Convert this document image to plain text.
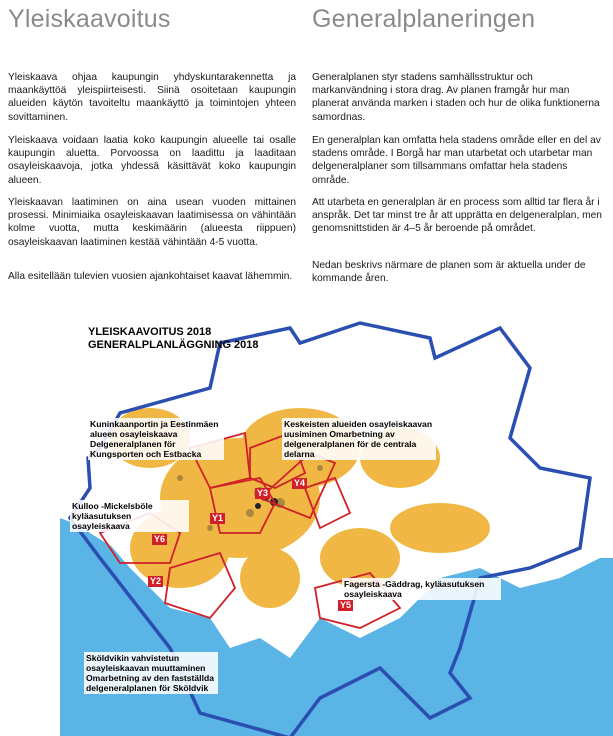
Yleiskaavoitus

Yleiskaava ohjaa kaupungin yhdyskuntarakennetta ja maankäyttöä yleispiirteisesti. Siinä osoitetaan kaupungin alueiden käytön tavoiteltu maankäyttö ja toimintojen yhteen sovittaminen.

Yleiskaava voidaan laatia koko kaupungin alueelle tai osalle kaupungin aluetta. Porvoossa on laadittu ja laaditaan osayleiskaavoja, jotka yhdessä käsittävät koko kaupungin alueen.

Yleiskaavan laatiminen on aina usean vuoden mittainen prosessi. Minimiaika osayleiskaavan laatimisessa on vähintään kolme vuotta, mutta keskimäärin (alueesta riippuen) osayleiskaavan laatiminen kestää vähintään 4-5 vuotta.

Alla esitellään tulevien vuosien ajankohtaiset kaavat lähemmin.

Generalplaneringen

Generalplanen styr stadens samhällsstruktur och markanvändning i stora drag. Av planen framgår hur man planerat använda marken i staden och hur de olika funktionerna samordnas.

En generalplan kan omfatta hela stadens område eller en del av stadens område. I Borgå har man utarbetat och utarbetar man delgeneralplaner som tillsammans omfattar hela stadens område.

Att utarbeta en generalplan är en process som alltid tar flera år i anspråk. Det tar minst tre år att upprätta en delgeneralplan, men genomsnittstiden är 4–5 år beroende på området.

Nedan beskrivs närmare de planen som är aktuella under de kommande åren.

Y1
Y2
Y3
Y4
Y5
Y6
YLEISKAAVOITUS 2018
GENERALPLANLÄGGNING 2018
Kuninkaanportin ja Eestinmäen alueen osayleiskaava Delgeneralplanen för Kungsporten och Estbacka
Keskeisten alueiden osayleiskaavan uusiminen Omarbetning av delgeneralplanen för de centrala delarna
Kulloo -Mickelsböle kyläasutuksen osayleiskaava
Fagersta -Gäddrag, kyläasutuksen osayleiskaava
Sköldvikin vahvistetun osayleiskaavan muuttaminen Omarbetning av den fastställda delgeneralplanen för Sköldvik
